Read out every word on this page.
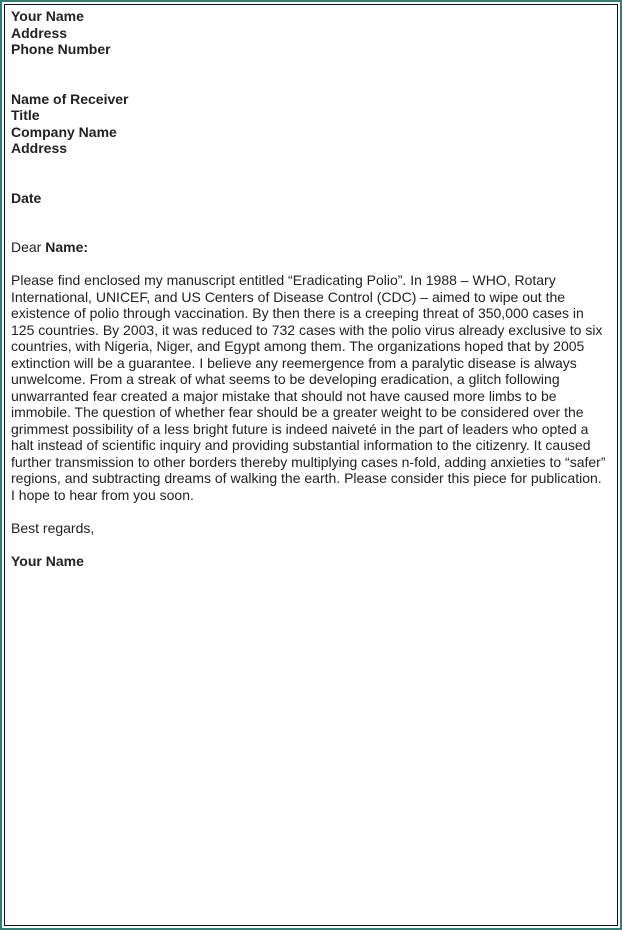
Your Name
Address
Phone Number
Name of Receiver
Title
Company Name
Address
Date
Dear Name:
Please find enclosed my manuscript entitled “Eradicating Polio”. In 1988 – WHO, Rotary
International, UNICEF, and US Centers of Disease Control (CDC) – aimed to wipe out the
existence of polio through vaccination. By then there is a creeping threat of 350,000 cases in
125 countries. By 2003, it was reduced to 732 cases with the polio virus already exclusive to six
countries, with Nigeria, Niger, and Egypt among them. The organizations hoped that by 2005
extinction will be a guarantee. I believe any reemergence from a paralytic disease is always
unwelcome. From a streak of what seems to be developing eradication, a glitch following
unwarranted fear created a major mistake that should not have caused more limbs to be
immobile. The question of whether fear should be a greater weight to be considered over the
grimmest possibility of a less bright future is indeed naiveté in the part of leaders who opted a
halt instead of scientific inquiry and providing substantial information to the citizenry. It caused
further transmission to other borders thereby multiplying cases n-fold, adding anxieties to “safer”
regions, and subtracting dreams of walking the earth. Please consider this piece for publication.
I hope to hear from you soon.
Best regards,
Your Name
